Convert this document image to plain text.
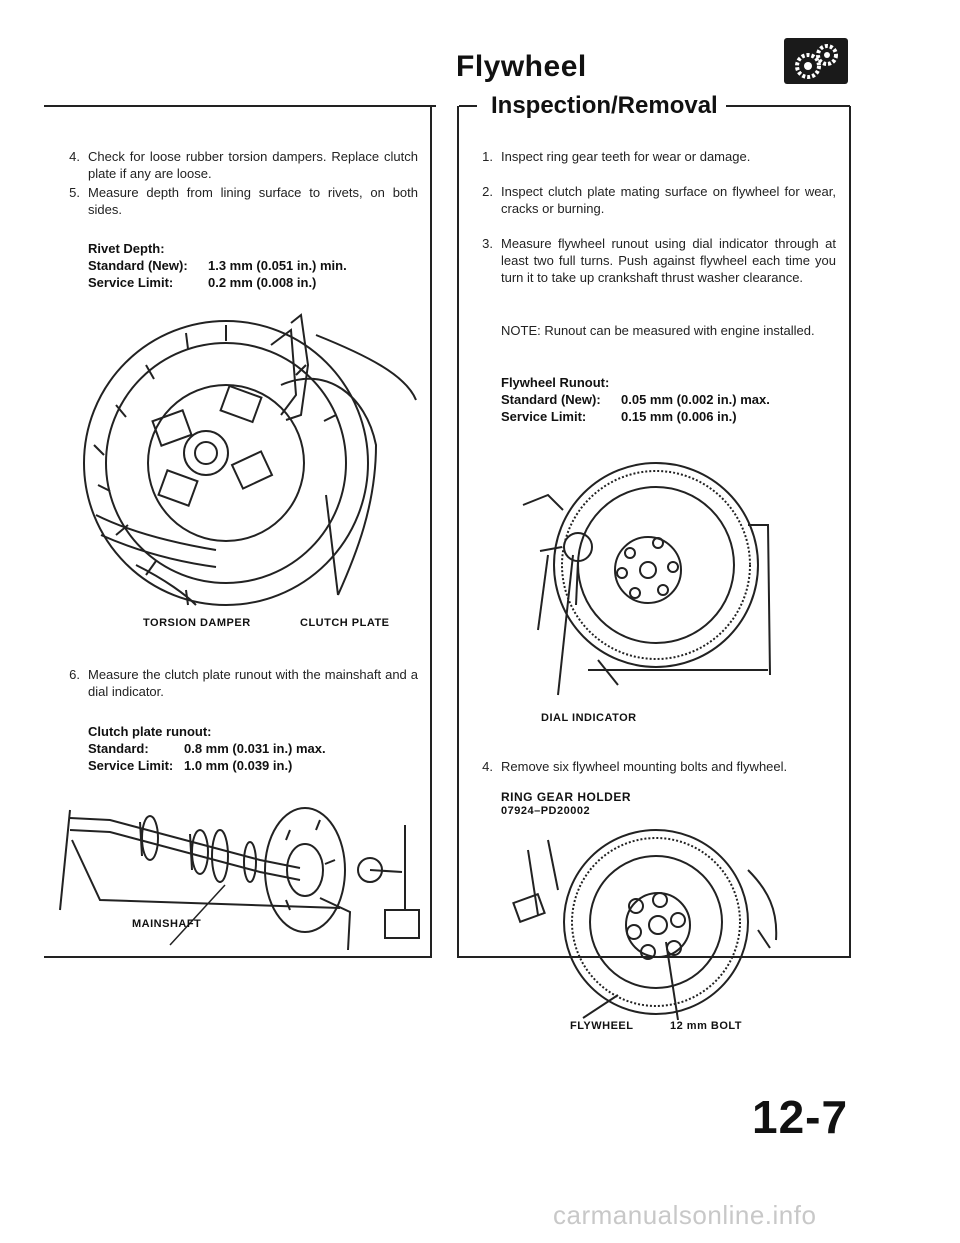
Flywheel
Inspection/Removal
4. Check for loose rubber torsion dampers. Replace clutch plate if any are loose.
5. Measure depth from lining surface to rivets, on both sides.
Rivet Depth:
Standard (New): 1.3 mm (0.051 in.) min.
Service Limit:	0.2 mm (0.008 in.)
TORSION DAMPER	CLUTCH PLATE
6. Measure the clutch plate runout with the mainshaft and a dial indicator.
Clutch plate runout:
Standard:	0.8 mm (0.031 in.) max.
Service Limit: 1.0 mm (0.039 in.)
MAINSHAFT
1. Inspect ring gear teeth for wear or damage.
2. Inspect clutch plate mating surface on flywheel for wear, cracks or burning.
3. Measure flywheel runout using dial indicator through at least two full turns. Push against flywheel each time you turn it to take up crankshaft thrust washer clearance.
NOTE: Runout can be measured with engine installed.
Flywheel Runout:
Standard (New): 0.05 mm (0.002 in.) max.
Service Limit:	0.15 mm (0.006 in.)
DIAL INDICATOR
4. Remove six flywheel mounting bolts and flywheel.
RING GEAR HOLDER
07924–PD20002
FLYWHEEL	12 mm BOLT
12-7
carmanualsonline.info
